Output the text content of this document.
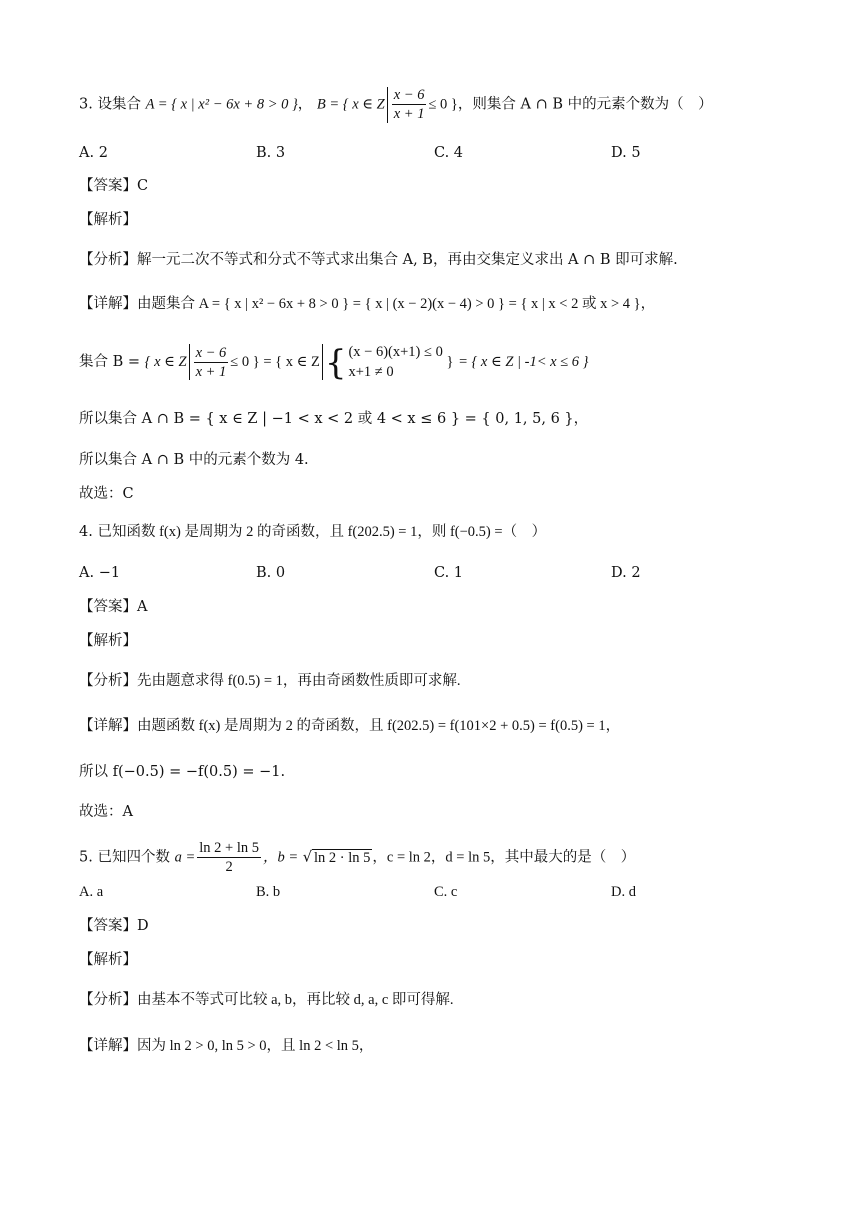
3. 设集合 A = { x | x² − 6x + 8 > 0 }， B = { x ∈ Z $\frac{x - 6}{x + 1} \le 0$ }，则集合 A ∩ B 中的元素个数为（　）
A. 2	B. 3	C. 4	D. 5
【答案】C
【解析】
【分析】解一元二次不等式和分式不等式求出集合 A, B，再由交集定义求出 A ∩ B 即可求解.
【详解】由题集合 A = { x | x² − 6x + 8 > 0 } = { x | (x − 2)(x − 4) > 0 } = { x | x < 2 或 x > 4 }，
集合 B = { x ∈ Z $\frac{x - 6}{x + 1} \le 0$ } = { x ∈ Z { (x − 6)(x+1) ≤ 0
x+1 ≠ 0
} = { x ∈ Z | -1< x ≤ 6 }
所以集合 A ∩ B = { x ∈ Z | −1 < x < 2 或 4 < x ≤ 6 } = { 0, 1, 5, 6 }，
所以集合 A ∩ B 中的元素个数为 4.
故选：C
4. 已知函数 f(x) 是周期为 2 的奇函数，且 f(202.5) = 1，则 f(−0.5) =（　）
A. −1	B. 0	C. 1	D. 2
【答案】A
【解析】
【分析】先由题意求得 f(0.5) = 1，再由奇函数性质即可求解.
【详解】由题函数 f(x) 是周期为 2 的奇函数，且 f(202.5) = f(101×2 + 0.5) = f(0.5) = 1，
所以 f(−0.5) = −f(0.5) = −1.
故选：A
5. 已知四个数 $a = \frac{\ln 2 + \ln 5}{2}$ ，b = √ ln 2 · ln 5 ，c = ln 2，d = ln 5，其中最大的是（　）
A. a	B. b	C. c	D. d
【答案】D
【解析】
【分析】由基本不等式可比较 a, b，再比较 d, a, c 即可得解.
【详解】因为 ln 2 > 0, ln 5 > 0，且 ln 2 < ln 5，
